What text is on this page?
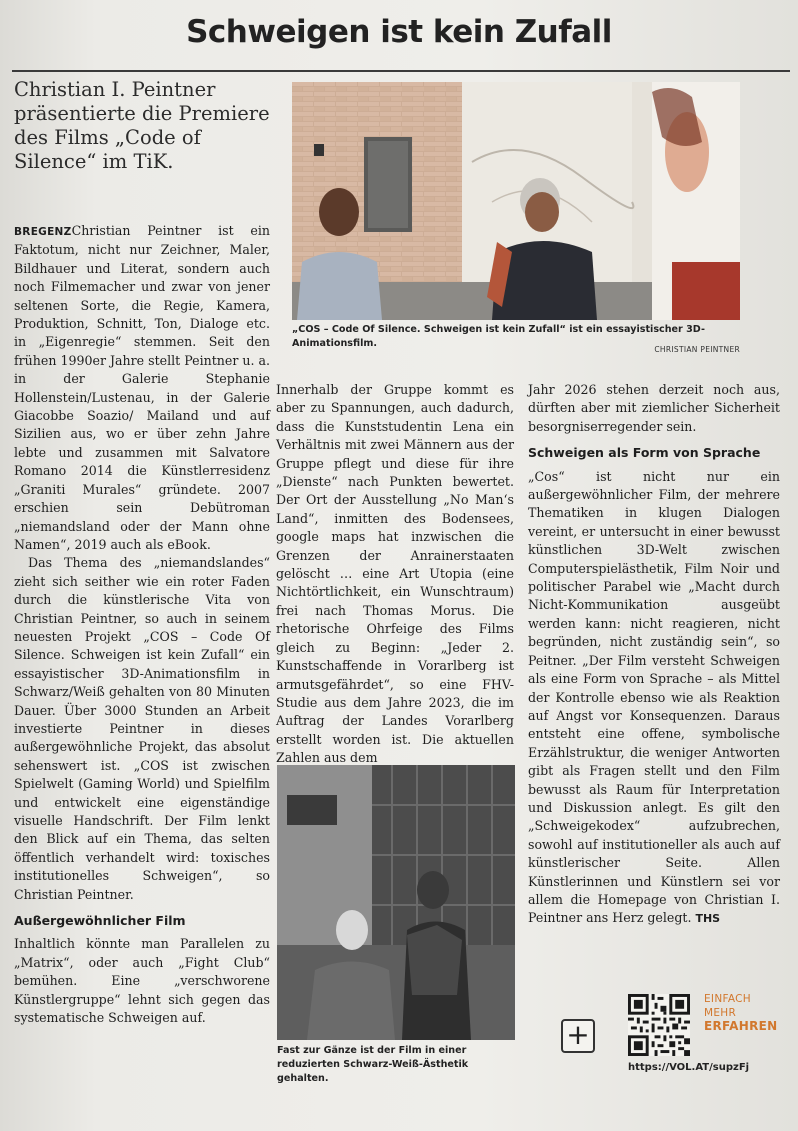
Schweigen ist kein Zufall
Christian I. Peintner präsentierte die Premiere des Films „Code of Silence“ im TiK.
„COS – Code Of Silence. Schweigen ist kein Zufall“ ist ein essayistischer 3D-Animationsfilm.
CHRISTIAN PEINTNER

BREGENZChristian Peintner ist ein Faktotum, nicht nur Zeichner, Maler, Bildhauer und Literat, sondern auch noch Filmemacher und zwar von jener seltenen Sorte, die Regie, Kamera, Produktion, Schnitt, Ton, Dialoge etc. in „Eigenregie“ stemmen. Seit den frühen 1990er Jahre stellt Peintner u. a. in der Galerie Stephanie Hollenstein/Lustenau, in der Galerie Giacobbe Soazio/ Mailand und auf Sizilien aus, wo er über zehn Jahre lebte und zusammen mit Salvatore Romano 2014 die Künstlerresidenz „Graniti Murales“ gründete. 2007 erschien sein Debütroman „niemandsland oder der Mann ohne Namen“, 2019 auch als eBook.

Das Thema des „niemandslandes“ zieht sich seither wie ein roter Faden durch die künstlerische Vita von Christian Peintner, so auch in seinem neuesten Projekt „COS – Code Of Silence. Schweigen ist kein Zufall“ ein essayistischer 3D-Animationsfilm in Schwarz/Weiß gehalten von 80 Minuten Dauer. Über 3000 Stunden an Arbeit investierte Peintner in dieses außergewöhnliche Projekt, das absolut sehenswert ist. „COS ist zwischen Spielwelt (Gaming World) und Spielfilm und entwickelt eine eigenständige visuelle Handschrift. Der Film lenkt den Blick auf ein Thema, das selten öffentlich verhandelt wird: toxisches institutionelles Schweigen“, so Christian Peintner.

Außergewöhnlicher Film

Inhaltlich könnte man Parallelen zu „Matrix“, oder auch „Fight Club“ bemühen. Eine „verschworene Künstlergruppe“ lehnt sich gegen das systematische Schweigen auf.

Innerhalb der Gruppe kommt es aber zu Spannungen, auch dadurch, dass die Kunststudentin Lena ein Verhältnis mit zwei Männern aus der Gruppe pflegt und diese für ihre „Dienste“ nach Punkten bewertet. Der Ort der Ausstellung „No Man‘s Land“, inmitten des Bodensees, google maps hat inzwischen die Grenzen der Anrainerstaaten gelöscht … eine Art Utopia (eine Nichtörtlichkeit, ein Wunschtraum) frei nach Thomas Morus. Die rhetorische Ohrfeige des Films gleich zu Beginn: „Jeder 2. Kunstschaffende in Vorarlberg ist armutsgefährdet“, so eine FHV-Studie aus dem Jahre 2023, die im Auftrag der Landes Vorarlberg erstellt worden ist. Die aktuellen Zahlen aus dem

Fast zur Gänze ist der Film in einer reduzierten Schwarz-Weiß-Ästhetik gehalten.

Jahr 2026 stehen derzeit noch aus, dürften aber mit ziemlicher Sicherheit besorgniserregender sein.

Schweigen als Form von Sprache

„Cos“ ist nicht nur ein außergewöhnlicher Film, der mehrere Thematiken in klugen Dialogen vereint, er untersucht in einer bewusst künstlichen 3D-Welt zwischen Computerspielästhetik, Film Noir und politischer Parabel wie „Macht durch Nicht-Kommunikation ausgeübt werden kann: nicht reagieren, nicht begründen, nicht zuständig sein“, so Peitner. „Der Film versteht Schweigen als eine Form von Sprache – als Mittel der Kontrolle ebenso wie als Reaktion auf Angst vor Konsequenzen. Daraus entsteht eine offene, symbolische Erzählstruktur, die weniger Antworten gibt als Fragen stellt und den Film bewusst als Raum für Interpretation und Diskussion anlegt. Es gilt den „Schweigekodex“ aufzubrechen, sowohl auf institutioneller als auch auf künstlerischer Seite. Allen Künstlerinnen und Künstlern sei vor allem die Homepage von Christian I. Peintner ans Herz gelegt. THS

+
EINFACH
MEHR
ERFAHREN
https://VOL.AT/supzFj
